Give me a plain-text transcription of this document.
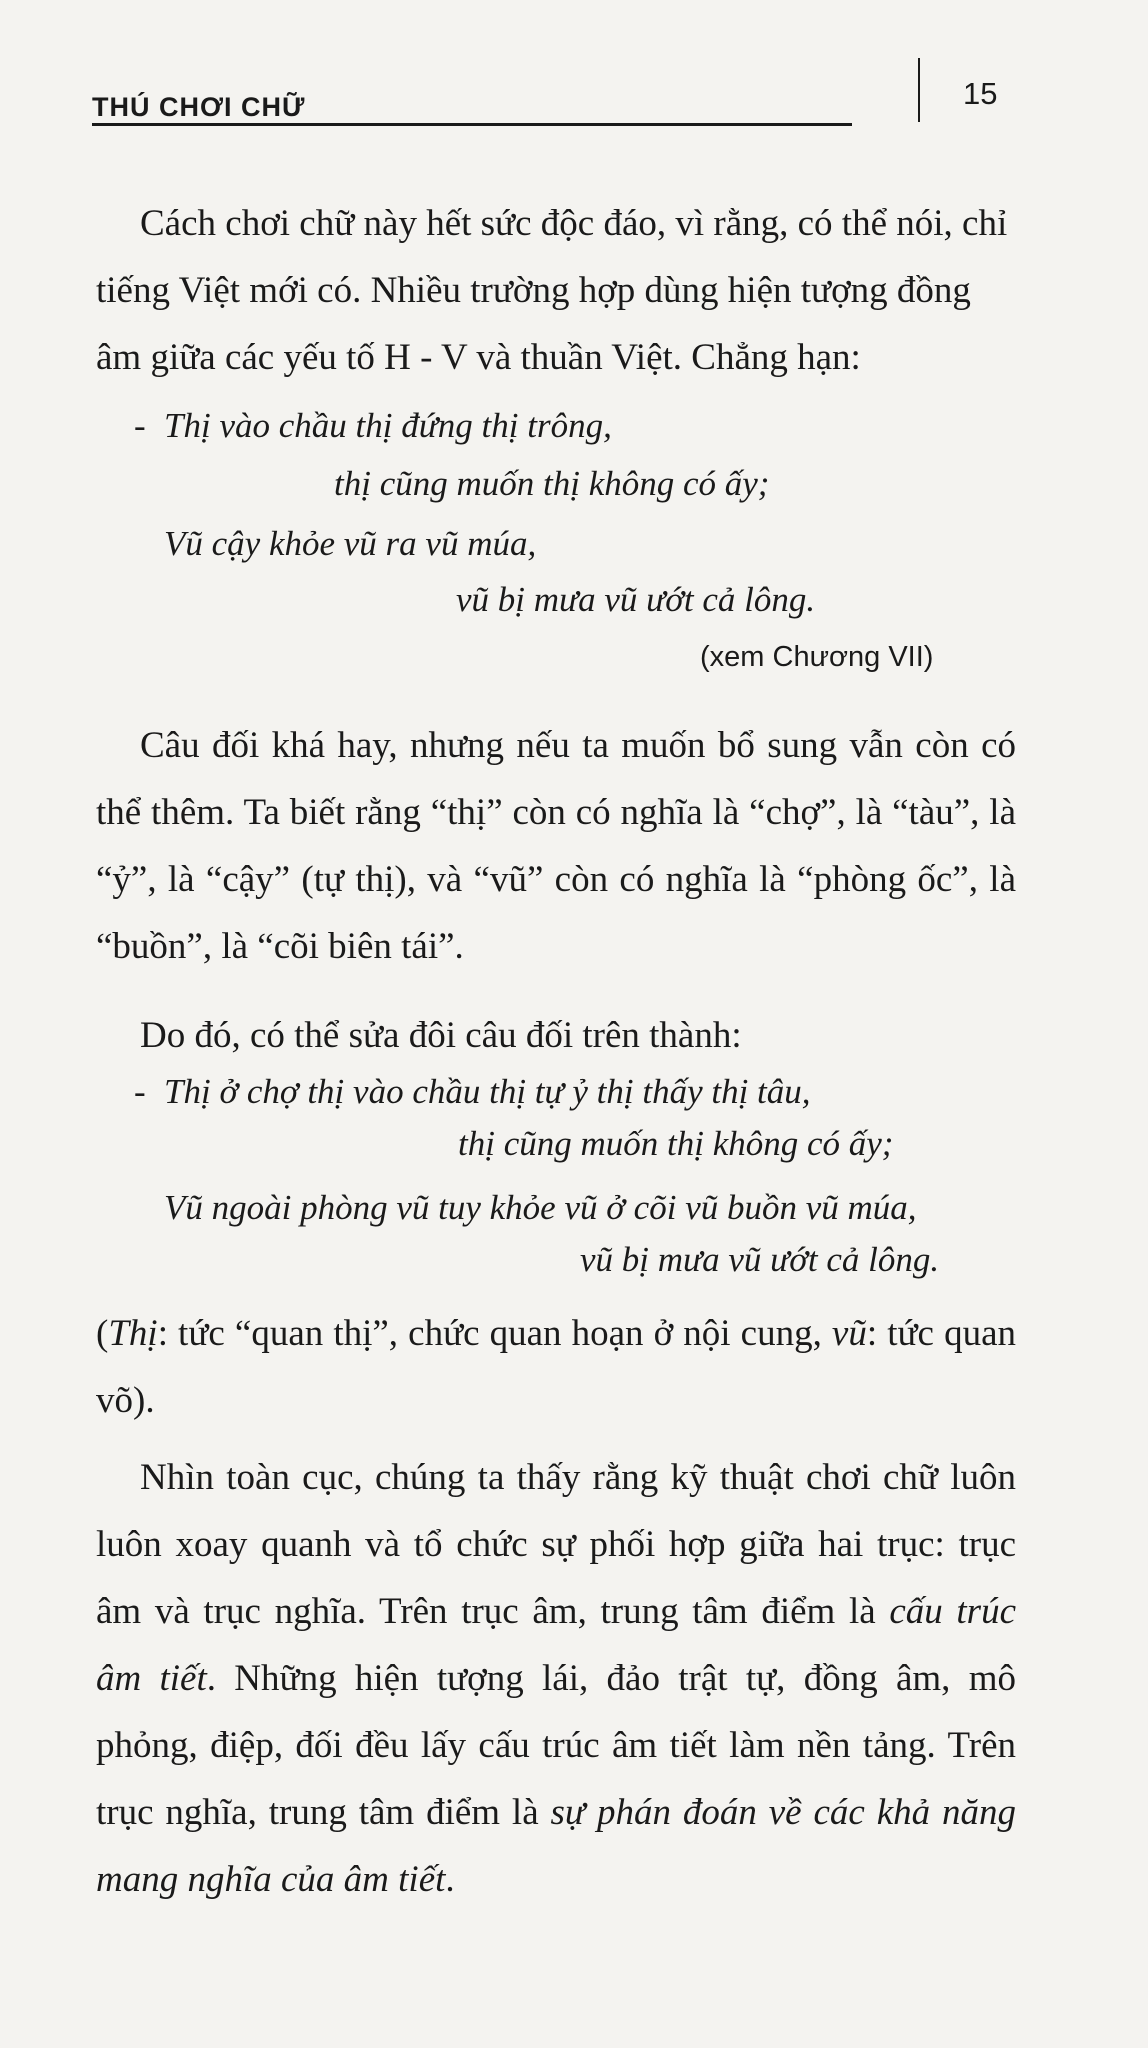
THÚ CHƠI CHỮ	15
Cách chơi chữ này hết sức độc đáo, vì rằng, có thể nói, chỉ
tiếng Việt mới có. Nhiều trường hợp dùng hiện tượng đồng
âm giữa các yếu tố H - V và thuần Việt. Chẳng hạn:
- Thị vào chầu thị đứng thị trông,
thị cũng muốn thị không có ấy;
Vũ cậy khỏe vũ ra vũ múa,
vũ bị mưa vũ ướt cả lông.
(xem Chương VII)

Câu đối khá hay, nhưng nếu ta muốn bổ sung vẫn còn có thể thêm. Ta biết rằng “thị” còn có nghĩa là “chợ”, là “tàu”, là “ỷ”, là “cậy” (tự thị), và “vũ” còn có nghĩa là “phòng ốc”, là “buồn”, là “cõi biên tái”.

Do đó, có thể sửa đôi câu đối trên thành:

- Thị ở chợ thị vào chầu thị tự ỷ thị thấy thị tâu,
thị cũng muốn thị không có ấy;
Vũ ngoài phòng vũ tuy khỏe vũ ở cõi vũ buồn vũ múa,
vũ bị mưa vũ ướt cả lông.

(Thị: tức “quan thị”, chức quan hoạn ở nội cung, vũ: tức quan võ).

Nhìn toàn cục, chúng ta thấy rằng kỹ thuật chơi chữ luôn luôn xoay quanh và tổ chức sự phối hợp giữa hai trục: trục âm và trục nghĩa. Trên trục âm, trung tâm điểm là cấu trúc âm tiết. Những hiện tượng lái, đảo trật tự, đồng âm, mô phỏng, điệp, đối đều lấy cấu trúc âm tiết làm nền tảng. Trên trục nghĩa, trung tâm điểm là sự phán đoán về các khả năng mang nghĩa của âm tiết.
